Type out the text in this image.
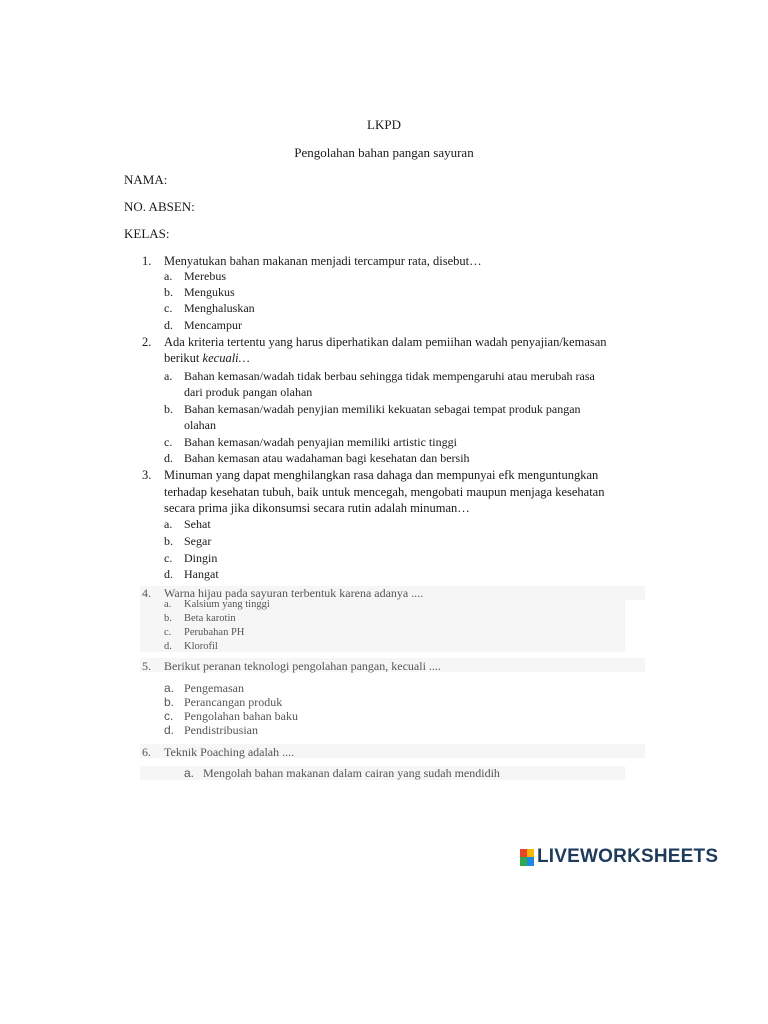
LKPD
Pengolahan bahan pangan sayuran
NAMA:
NO. ABSEN:
KELAS:
1. Menyatukan bahan makanan menjadi tercampur rata, disebut…
a. Merebus
b. Mengukus
c. Menghaluskan
d. Mencampur
2. Ada kriteria tertentu yang harus diperhatikan dalam pemiihan wadah penyajian/kemasan
berikut kecuali…
a. Bahan kemasan/wadah tidak berbau sehingga tidak mempengaruhi atau merubah rasa
dari produk pangan olahan
b. Bahan kemasan/wadah penyjian memiliki kekuatan sebagai tempat produk pangan
olahan
c. Bahan kemasan/wadah penyajian memiliki artistic tinggi
d. Bahan kemasan atau wadahaman bagi kesehatan dan bersih
3. Minuman yang dapat menghilangkan rasa dahaga dan mempunyai efk menguntungkan
terhadap kesehatan tubuh, baik untuk mencegah, mengobati maupun menjaga kesehatan
secara prima jika dikonsumsi secara rutin adalah minuman…
a. Sehat
b. Segar
c. Dingin
d. Hangat
4. Warna hijau pada sayuran terbentuk karena adanya ....
a. Kalsium yang tinggi
b. Beta karotin
c. Perubahan PH
d. Klorofil
5. Berikut peranan teknologi pengolahan pangan, kecuali ....
a. Pengemasan
b. Perancangan produk
c. Pengolahan bahan baku
d. Pendistribusian
6. Teknik Poaching adalah ....
a. Mengolah bahan makanan dalam cairan yang sudah mendidih
LIVEWORKSHEETS
